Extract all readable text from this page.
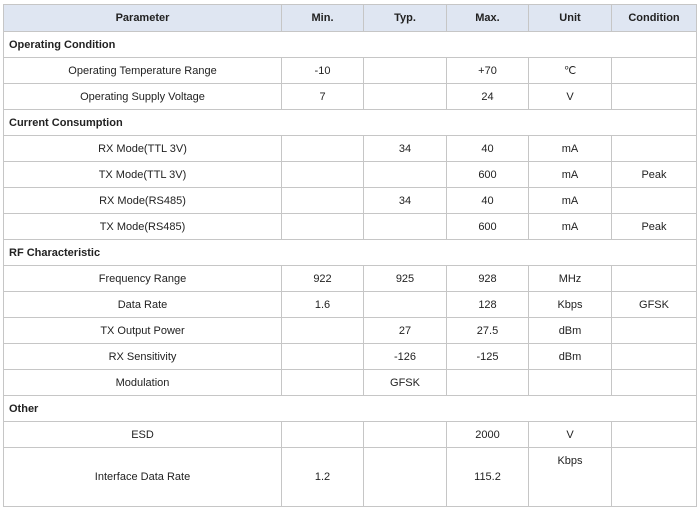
Parameter	Min.	Typ.	Max.	Unit	Condition
Operating Condition					
Operating Temperature Range	-10		+70	℃	
Operating Supply Voltage	7		24	V	
Current Consumption					
RX Mode(TTL 3V)		34	40	mA	
TX Mode(TTL 3V)			600	mA	Peak
RX Mode(RS485)		34	40	mA	
TX Mode(RS485)			600	mA	Peak
RF Characteristic					
Frequency Range	922	925	928	MHz	
Data Rate	1.6		128	Kbps	GFSK
TX Output Power		27	27.5	dBm	
RX Sensitivity		-126	-125	dBm	
Modulation		GFSK			
Other					
ESD			2000	V	
Interface Data Rate	1.2		115.2	Kbps	
